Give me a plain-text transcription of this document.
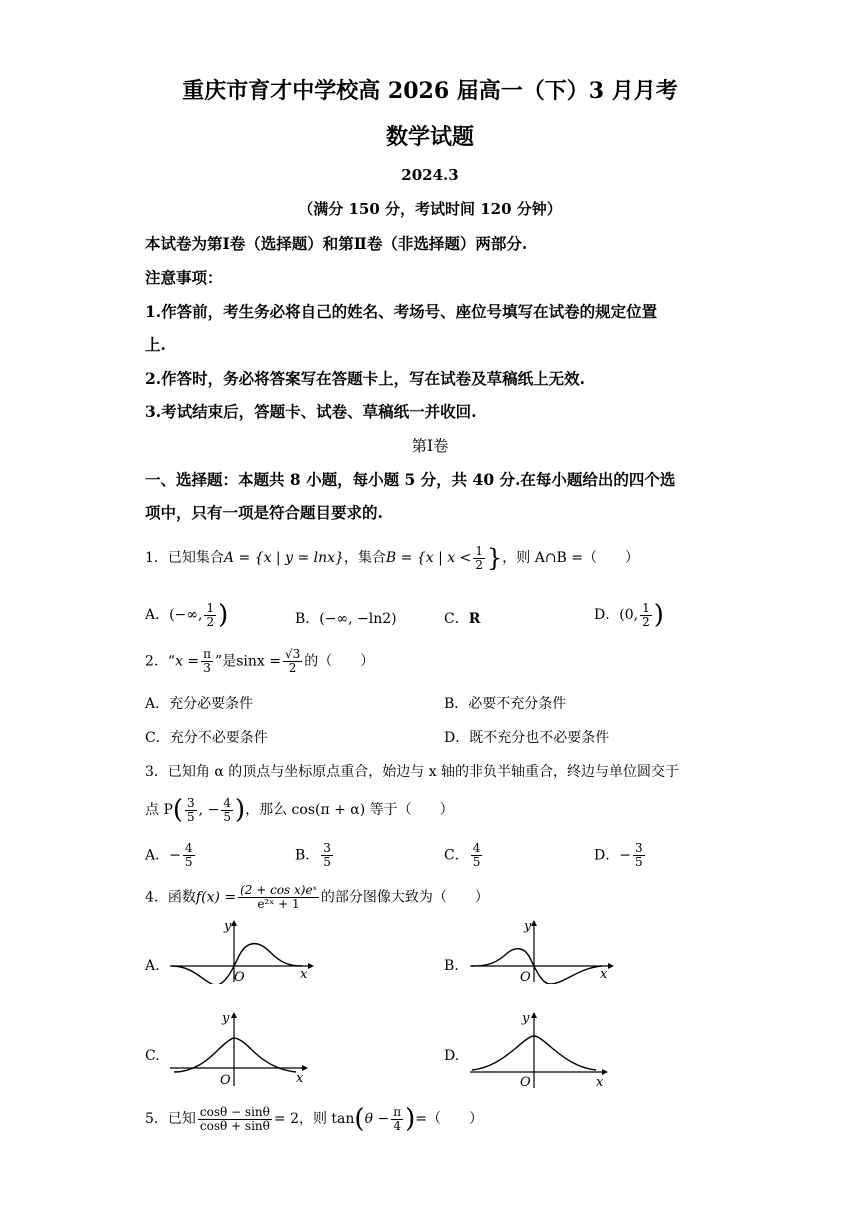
重庆市育才中学校高 2026 届高一（下）3 月月考
数学试题
2024.3
（满分 150 分，考试时间 120 分钟）
本试卷为第Ⅰ卷（选择题）和第Ⅱ卷（非选择题）两部分.
注意事项：
1.作答前，考生务必将自己的姓名、考场号、座位号填写在试卷的规定位置
上.
2.作答时，务必将答案写在答题卡上，写在试卷及草稿纸上无效.
3.考试结束后，答题卡、试卷、草稿纸一并收回.
第Ⅰ卷
一、选择题：本题共 8 小题，每小题 5 分，共 40 分.在每小题给出的四个选
项中，只有一项是符合题目要求的.
1．已知集合A = {x | y = lnx}，集合B = {x | $x < \frac{1}{2}$ }，则 A∩B =（　　）
A．(−∞, $\frac{1}{2}$ )	B．(−∞, −ln2)	C．R	D．(0, $\frac{1}{2}$ )
2．“$x = \frac{\pi}{3}$ ”是$\sin x = \frac{√3}{2}$ 的（　　）
A．充分必要条件	B．必要不充分条件
C．充分不必要条件	D．既不充分也不必要条件
3．已知角 α 的顶点与坐标原点重合，始边与 x 轴的非负半轴重合，终边与单位圆交于
点 $P( \frac{3}{5}$ , − $\frac{4}{5}$ )，那么 cos(π + α) 等于（　　）
A．− $\frac{4}{5}$	B． $\frac{3}{5}$	C． $\frac{4}{5}$	D．− $\frac{3}{5}$
4．函数$f(x) = \frac{\text{(2 + cos x)eˣ}}{\text{e²ˣ + 1}}$ 的部分图像大致为（　　）
A.	B.
C.	D.
y
x
O
y
x
O
y
x
O
y
x
O
5．已知 $\frac{\cos\theta - \sin\theta}{\cos\theta + \sin\theta} = 2$，则 $\tan(\theta - \frac{\pi}{4}$ )=（　　）
